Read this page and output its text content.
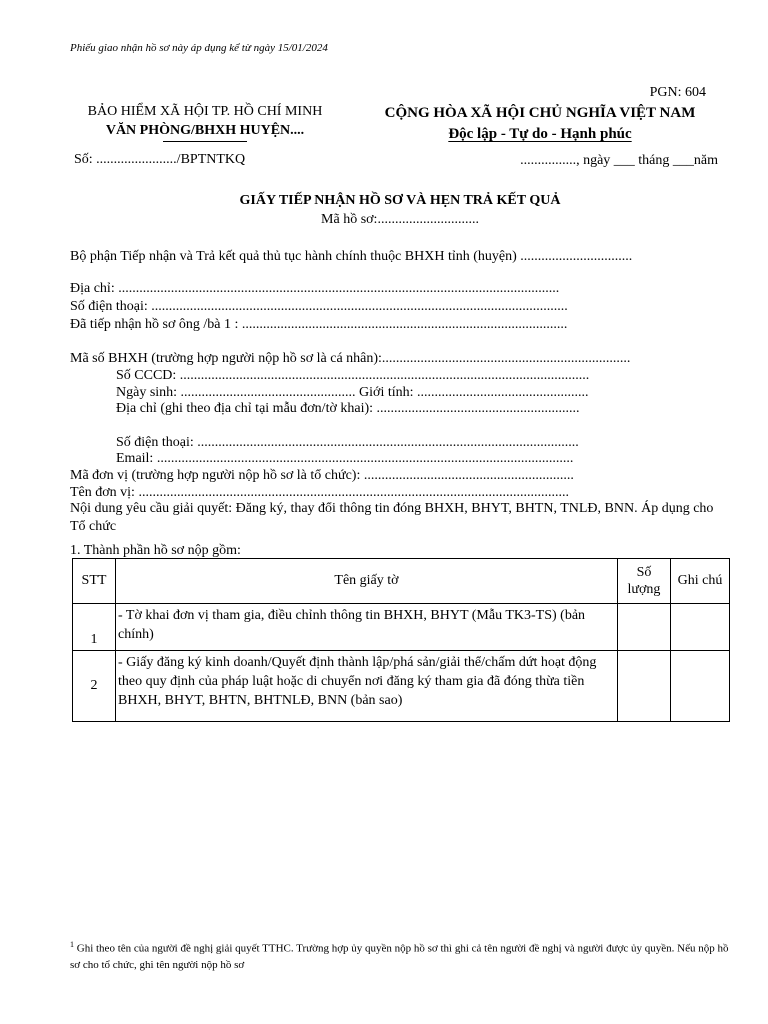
Phiếu giao nhận hồ sơ này áp dụng kể từ ngày 15/01/2024
PGN: 604
BẢO HIỂM XÃ HỘI TP. HỒ CHÍ MINH
VĂN PHÒNG/BHXH HUYỆN....
CỘNG HÒA XÃ HỘI CHỦ NGHĨA VIỆT NAM
Độc lập - Tự do - Hạnh phúc
Số: ......................./BPTNTKQ	................, ngày ___ tháng ___năm
GIẤY TIẾP NHẬN HỒ SƠ VÀ HẸN TRẢ KẾT QUẢ
Mã hồ sơ:.............................
Bộ phận Tiếp nhận và Trả kết quả thủ tục hành chính thuộc BHXH tỉnh (huyện) ................................
Địa chỉ: ..............................................................................................................................
Số điện thoại: .......................................................................................................................
Đã tiếp nhận hồ sơ ông /bà 1 : .............................................................................................
Mã số BHXH (trường hợp người nộp hồ sơ là cá nhân):.......................................................................
Số CCCD: .....................................................................................................................
Ngày sinh: .................................................. Giới tính: .................................................
Địa chỉ (ghi theo địa chỉ tại mẫu đơn/tờ khai): ..........................................................
Số điện thoại: .............................................................................................................
Email: .......................................................................................................................
Mã đơn vị (trường hợp người nộp hồ sơ là tổ chức): ............................................................
Tên đơn vị: ...........................................................................................................................
Nội dung yêu cầu giải quyết: Đăng ký, thay đổi thông tin đóng BHXH, BHYT, BHTN, TNLĐ, BNN. Áp dụng cho Tổ chức
1. Thành phần hồ sơ nộp gồm:
STT	Tên giấy tờ	Số lượng	Ghi chú
1	- Tờ khai đơn vị tham gia, điều chỉnh thông tin BHXH, BHYT (Mẫu TK3-TS) (bản chính)		
2	- Giấy đăng ký kinh doanh/Quyết định thành lập/phá sản/giải thể/chấm dứt hoạt động theo quy định của pháp luật hoặc di chuyển nơi đăng ký tham gia đã đóng thừa tiền BHXH, BHYT, BHTN, BHTNLĐ, BNN (bản sao)		
$^1$ Ghi theo tên của người đề nghị giải quyết TTHC. Trường hợp ủy quyền nộp hồ sơ thì ghi cả tên người đề nghị và người được ủy quyền. Nếu nộp hồ sơ cho tổ chức, ghi tên người nộp hồ sơ
